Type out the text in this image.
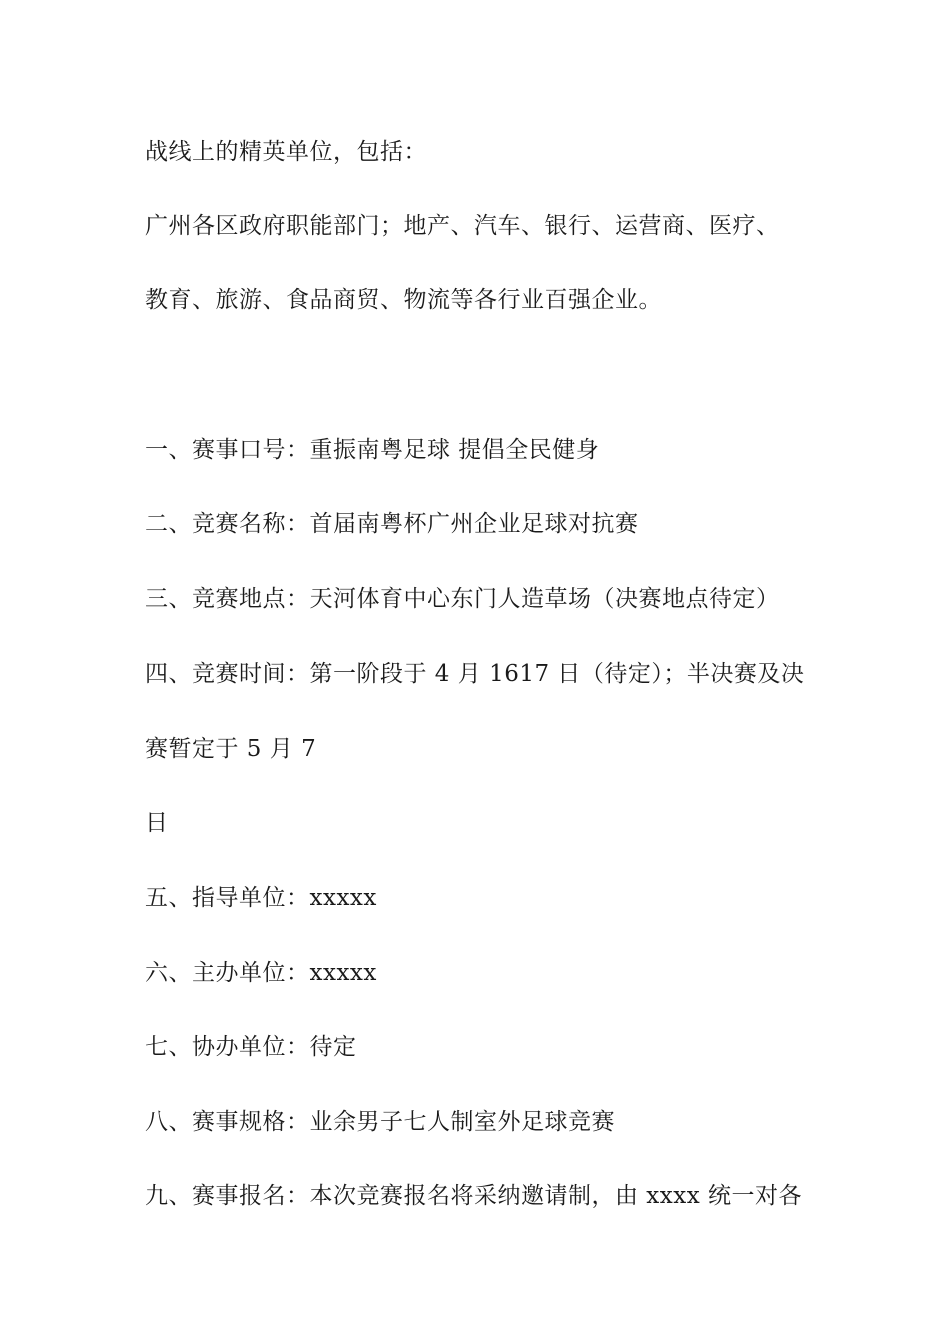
战线上的精英单位，包括：
广州各区政府职能部门；地产、汽车、银行、运营商、医疗、
教育、旅游、食品商贸、物流等各行业百强企业。
一、赛事口号：重振南粤足球 提倡全民健身
二、竞赛名称：首届南粤杯广州企业足球对抗赛
三、竞赛地点：天河体育中心东门人造草场（决赛地点待定）
四、竞赛时间：第一阶段于 4 月 1617 日（待定）；半决赛及决
赛暂定于 5 月 7
日
五、指导单位：xxxxx
六、主办单位：xxxxx
七、协办单位：待定
八、赛事规格：业余男子七人制室外足球竞赛
九、赛事报名：本次竞赛报名将采纳邀请制，由 xxxx 统一对各
